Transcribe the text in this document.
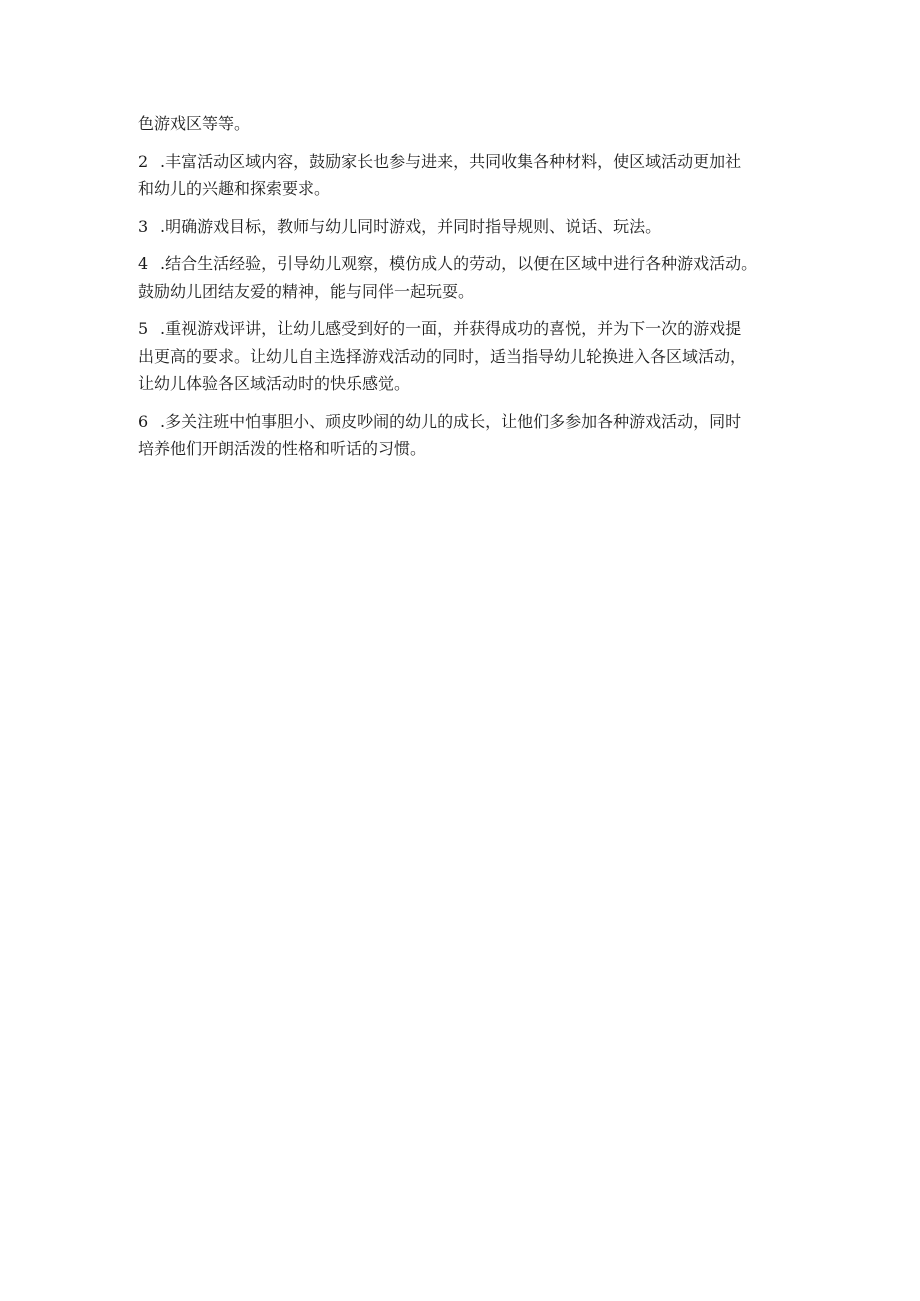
色游戏区等等。
2 .丰富活动区域内容，鼓励家长也参与进来，共同收集各种材料，使区域活动更加社
和幼儿的兴趣和探索要求。
3 .明确游戏目标，教师与幼儿同时游戏，并同时指导规则、说话、玩法。
4 .结合生活经验，引导幼儿观察，模仿成人的劳动，以便在区域中进行各种游戏活动。
鼓励幼儿团结友爱的精神，能与同伴一起玩耍。
5 .重视游戏评讲，让幼儿感受到好的一面，并获得成功的喜悦，并为下一次的游戏提
出更高的要求。让幼儿自主选择游戏活动的同时，适当指导幼儿轮换进入各区域活动，
让幼儿体验各区域活动时的快乐感觉。
6 .多关注班中怕事胆小、顽皮吵闹的幼儿的成长，让他们多参加各种游戏活动，同时
培养他们开朗活泼的性格和听话的习惯。
